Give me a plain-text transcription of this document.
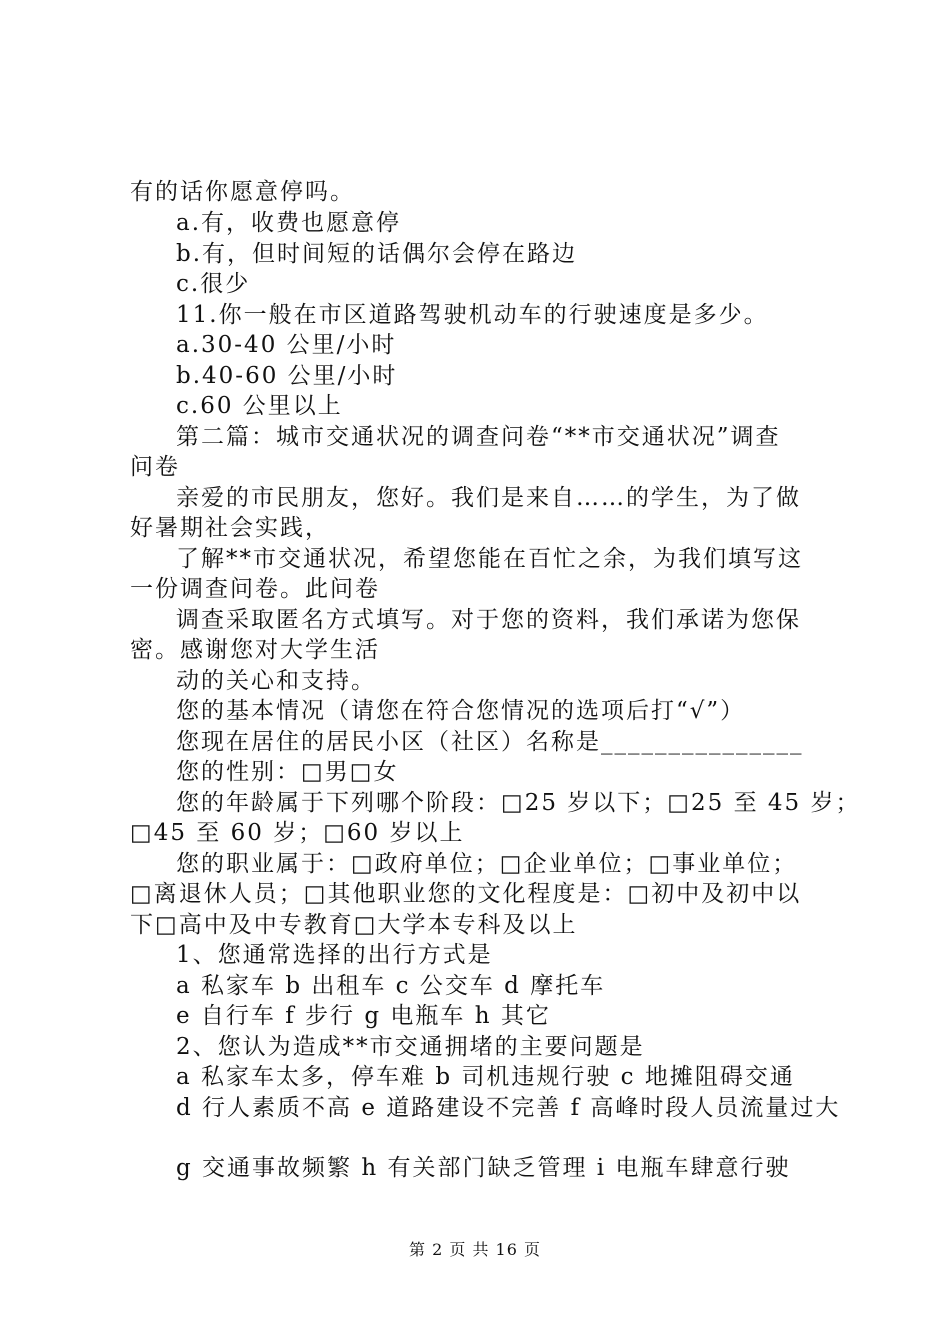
有的话你愿意停吗。
a.有，收费也愿意停
b.有，但时间短的话偶尔会停在路边
c.很少
11.你一般在市区道路驾驶机动车的行驶速度是多少。
a.30-40 公里/小时
b.40-60 公里/小时
c.60 公里以上
第二篇：城市交通状况的调查问卷“**市交通状况”调查
问卷
亲爱的市民朋友，您好。我们是来自……的学生，为了做
好暑期社会实践，
了解**市交通状况，希望您能在百忙之余，为我们填写这
一份调查问卷。此问卷
调查采取匿名方式填写。对于您的资料，我们承诺为您保
密。感谢您对大学生活
动的关心和支持。
您的基本情况（请您在符合您情况的选项后打“√”）
您现在居住的居民小区（社区）名称是_______________
您的性别：□男□女
您的年龄属于下列哪个阶段：□25 岁以下；□25 至 45 岁；
□45 至 60 岁；□60 岁以上
您的职业属于：□政府单位；□企业单位；□事业单位；
□离退休人员；□其他职业您的文化程度是：□初中及初中以
下□高中及中专教育□大学本专科及以上
1、您通常选择的出行方式是
a 私家车 b 出租车 c 公交车 d 摩托车
e 自行车 f 步行 g 电瓶车 h 其它
2、您认为造成**市交通拥堵的主要问题是
a 私家车太多，停车难 b 司机违规行驶 c 地摊阻碍交通
d 行人素质不高 e 道路建设不完善 f 高峰时段人员流量过大
g 交通事故频繁 h 有关部门缺乏管理 i 电瓶车肆意行驶
第 2 页 共 16 页
